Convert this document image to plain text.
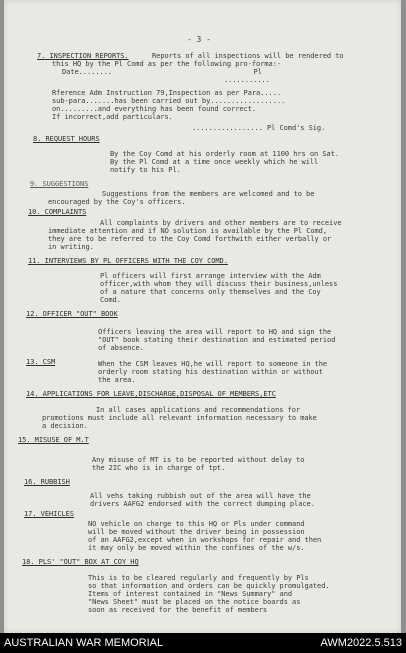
- 3 -

7. INSPECTION REPORTS.	Reports of all inspections will be rendered to

this HQ by the Pl Comd as per the following pro-forma:-

Date........                                  Pl

...........

Rference Adm Instruction 79,Inspection as per Para.....

sub-para.......has been carried out by..................

on.........and everything has been found correct.

If incorrect,add particulars.

................. Pl Comd's Sig.

8. REQUEST HOURS

By the Coy Comd at his orderly room at 1100 hrs on Sat.

By the Pl Comd at a time once weekly which he will

notify to his Pl.

9. SUGGESTIONS

Suggestions from the members are welcomed and to be

encouraged by the Coy's officers.

10. COMPLAINTS

All complaints by drivers and other members are to receive

immediate attention and if NO solution is available by the Pl Comd,

they are to be referred to the Coy Comd forthwith either verbally or

in writing.

11. INTERVIEWS BY PL OFFICERS WITH THE COY COMD.

Pl officers will first arrange interview with the Adm

officer,with whom they will discuss their business,unless

of a nature that concerns only themselves and the Coy

Comd.

12. OFFICER "OUT" BOOK

Officers leaving the area will report to HQ and sign the

"OUT" book stating their destination and estimated period

of absence.

13. CSM	When the CSM leaves HQ,he will report to someone in the

orderly room stating his destination within or without

the area.

14. APPLICATIONS FOR LEAVE,DISCHARGE,DISPOSAL OF MEMBERS,ETC

In all cases applications and recommendations for

promotions must include all relevant information necessary to make

a decision.

15. MISUSE OF M.T

Any misuse of MT is to be reported without delay to

the 2IC who is in charge of tpt.

16. RUBBISH

All vehs taking rubbish out of the area will have the

drivers AAFG2 endorsed with the correct dumping place.

17. VEHICLES

NO vehicle on charge to this HQ or Pls under command

will be moved without the driver being in possession

of an AAFG2,except when in workshops for repair and then

it may only be moved within the confines of the w/s.

18. PLS' "OUT" BOX AT COY HQ

This is to be cleared regularly and frequently by Pls

so that information and orders can be quickly promulgated.

Items of interest contained in "News Summary" and

"News Sheet" must be placed on the notice boards as

soon as received for the benefit of members

AUSTRALIAN WAR MEMORIAL	AWM2022.5.513
